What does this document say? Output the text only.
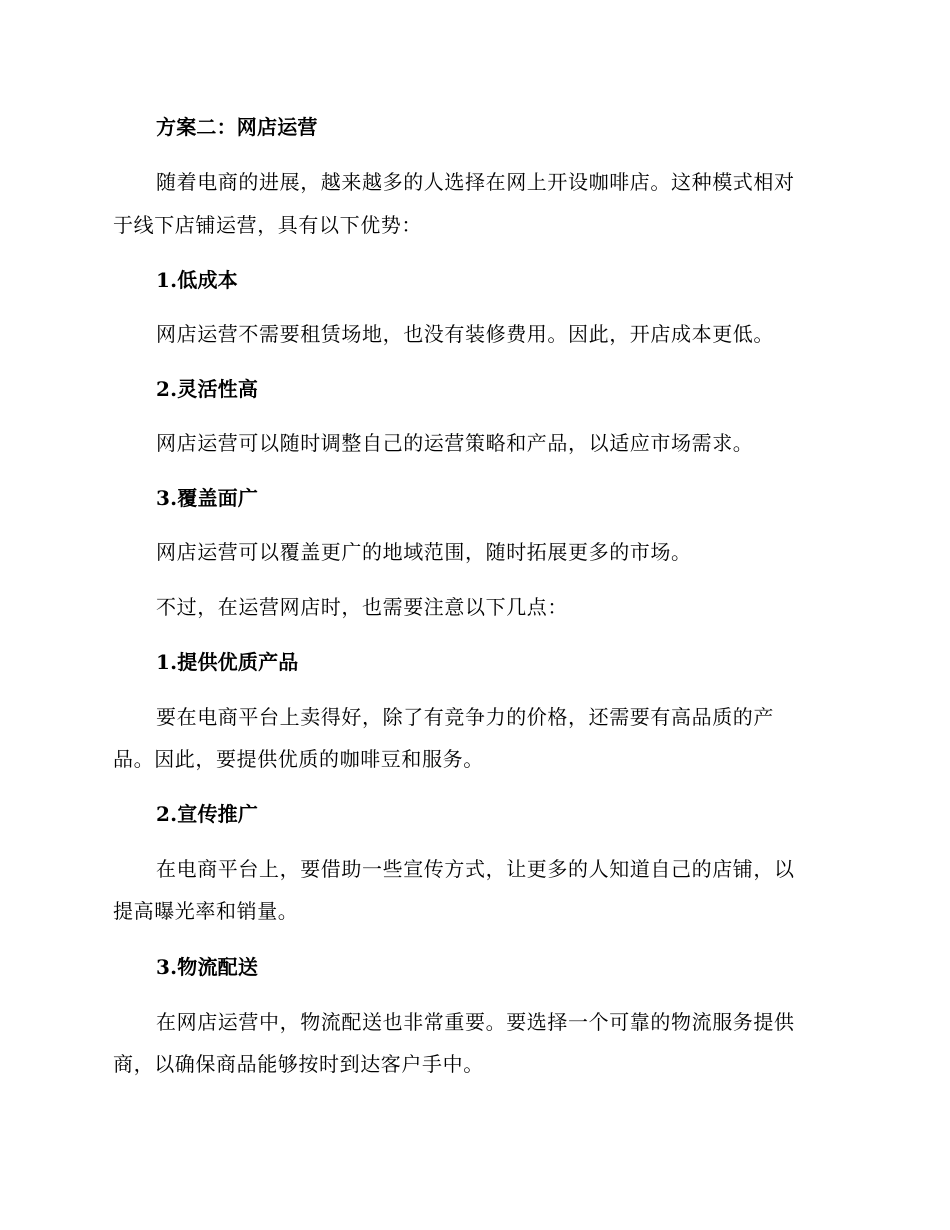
方案二：网店运营
随着电商的进展，越来越多的人选择在网上开设咖啡店。这种模式相对
于线下店铺运营，具有以下优势：
1.低成本
网店运营不需要租赁场地，也没有装修费用。因此，开店成本更低。
2.灵活性高
网店运营可以随时调整自己的运营策略和产品，以适应市场需求。
3.覆盖面广
网店运营可以覆盖更广的地域范围，随时拓展更多的市场。
不过，在运营网店时，也需要注意以下几点：
1.提供优质产品
要在电商平台上卖得好，除了有竞争力的价格，还需要有高品质的产
品。因此，要提供优质的咖啡豆和服务。
2.宣传推广
在电商平台上，要借助一些宣传方式，让更多的人知道自己的店铺，以
提高曝光率和销量。
3.物流配送
在网店运营中，物流配送也非常重要。要选择一个可靠的物流服务提供
商，以确保商品能够按时到达客户手中。
